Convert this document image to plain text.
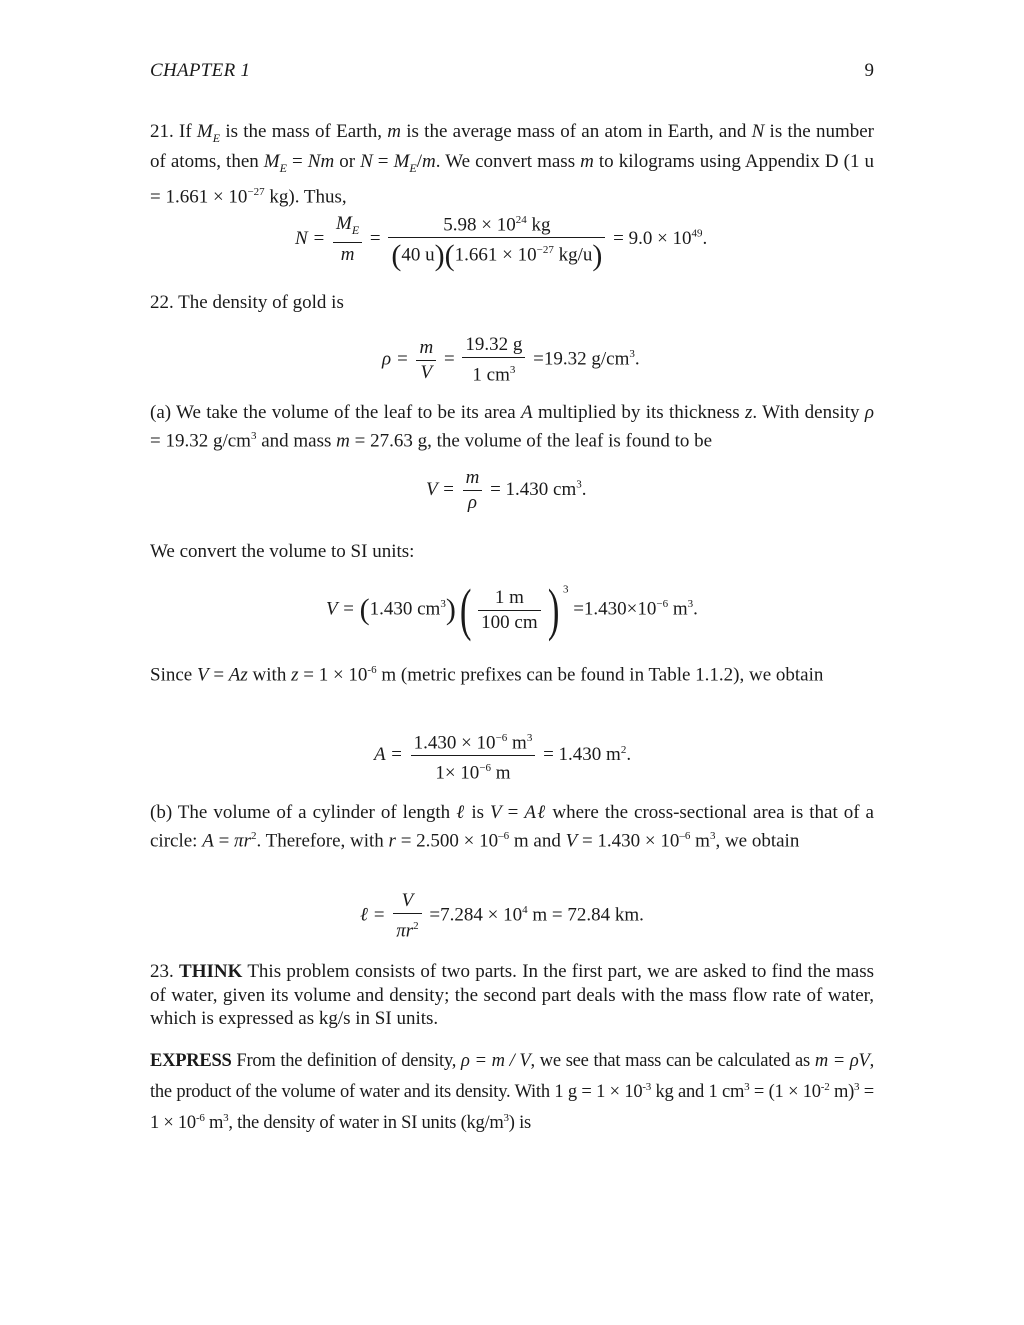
CHAPTER 1	9

21. If $M_E$ is the mass of Earth, m is the average mass of an atom in Earth, and N is the number of atoms, then $M_E = Nm$ or $N = M_E/m$. We convert mass m to kilograms using Appendix D (1 $u = 1.661 \times 10^{-27}$ kg). Thus,

$N = \frac{M_E}{m} = \frac{5.98 \times 10^{24} kg}{(40 u)(1.661 \times 10^{-27} kg/u)} = 9.0 \times 10^{49}$.

22. The density of gold is

$\rho = \frac{m}{V} = \frac{19.32 g}{1 cm^3} =19.32$ $g/cm^3$.

(a) We take the volume of the leaf to be its area A multiplied by its thickness z. With density ρ = 19.32 $g/cm^3$ and mass m = 27.63 g, the volume of the leaf is found to be

$V = \frac{m}{\rho} = 1.430$ $cm^3$.

We convert the volume to SI units:

V = (1.430 $cm^3)( \frac{1 m}{100 cm}$ ) $^3 =1.430\times 10^{-6}$ $m^3$.

Since V = Az with $z = 1 \times 10^{-6}$ m (metric prefixes can be found in Table 1.1.2), we obtain

$A = \frac{1.430 \times 10^{-6} m^3}{1\times 10^{-6} m} = 1.430$ $m^2$.

(b) The volume of a cylinder of length ℓ is V = Aℓ where the cross-sectional area is that of a circle: $A = \pi r^2$. Therefore, with $r = 2.500 \times 10^{-6}$ m and $V = 1.430 \times 10^{-6}$ $m^3$, we obtain

ℓ = $\frac{V}{\pi r^2} =7.284 \times 10^4$ m = 72.84 km.

23. THINK This problem consists of two parts. In the first part, we are asked to find the mass of water, given its volume and density; the second part deals with the mass flow rate of water, which is expressed as kg/s in SI units.

EXPRESS From the definition of density, ρ = m / V, we see that mass can be calculated as m = ρV, the product of the volume of water and its density. With 1 $g = 1 \times 10^{-3}$ kg and 1 $cm^3 = (1 \times 10^{-2}$ $m)^3 = 1 \times 10^{-6}$ $m^3$, the density of water in SI units $(kg/m^3)$ is
